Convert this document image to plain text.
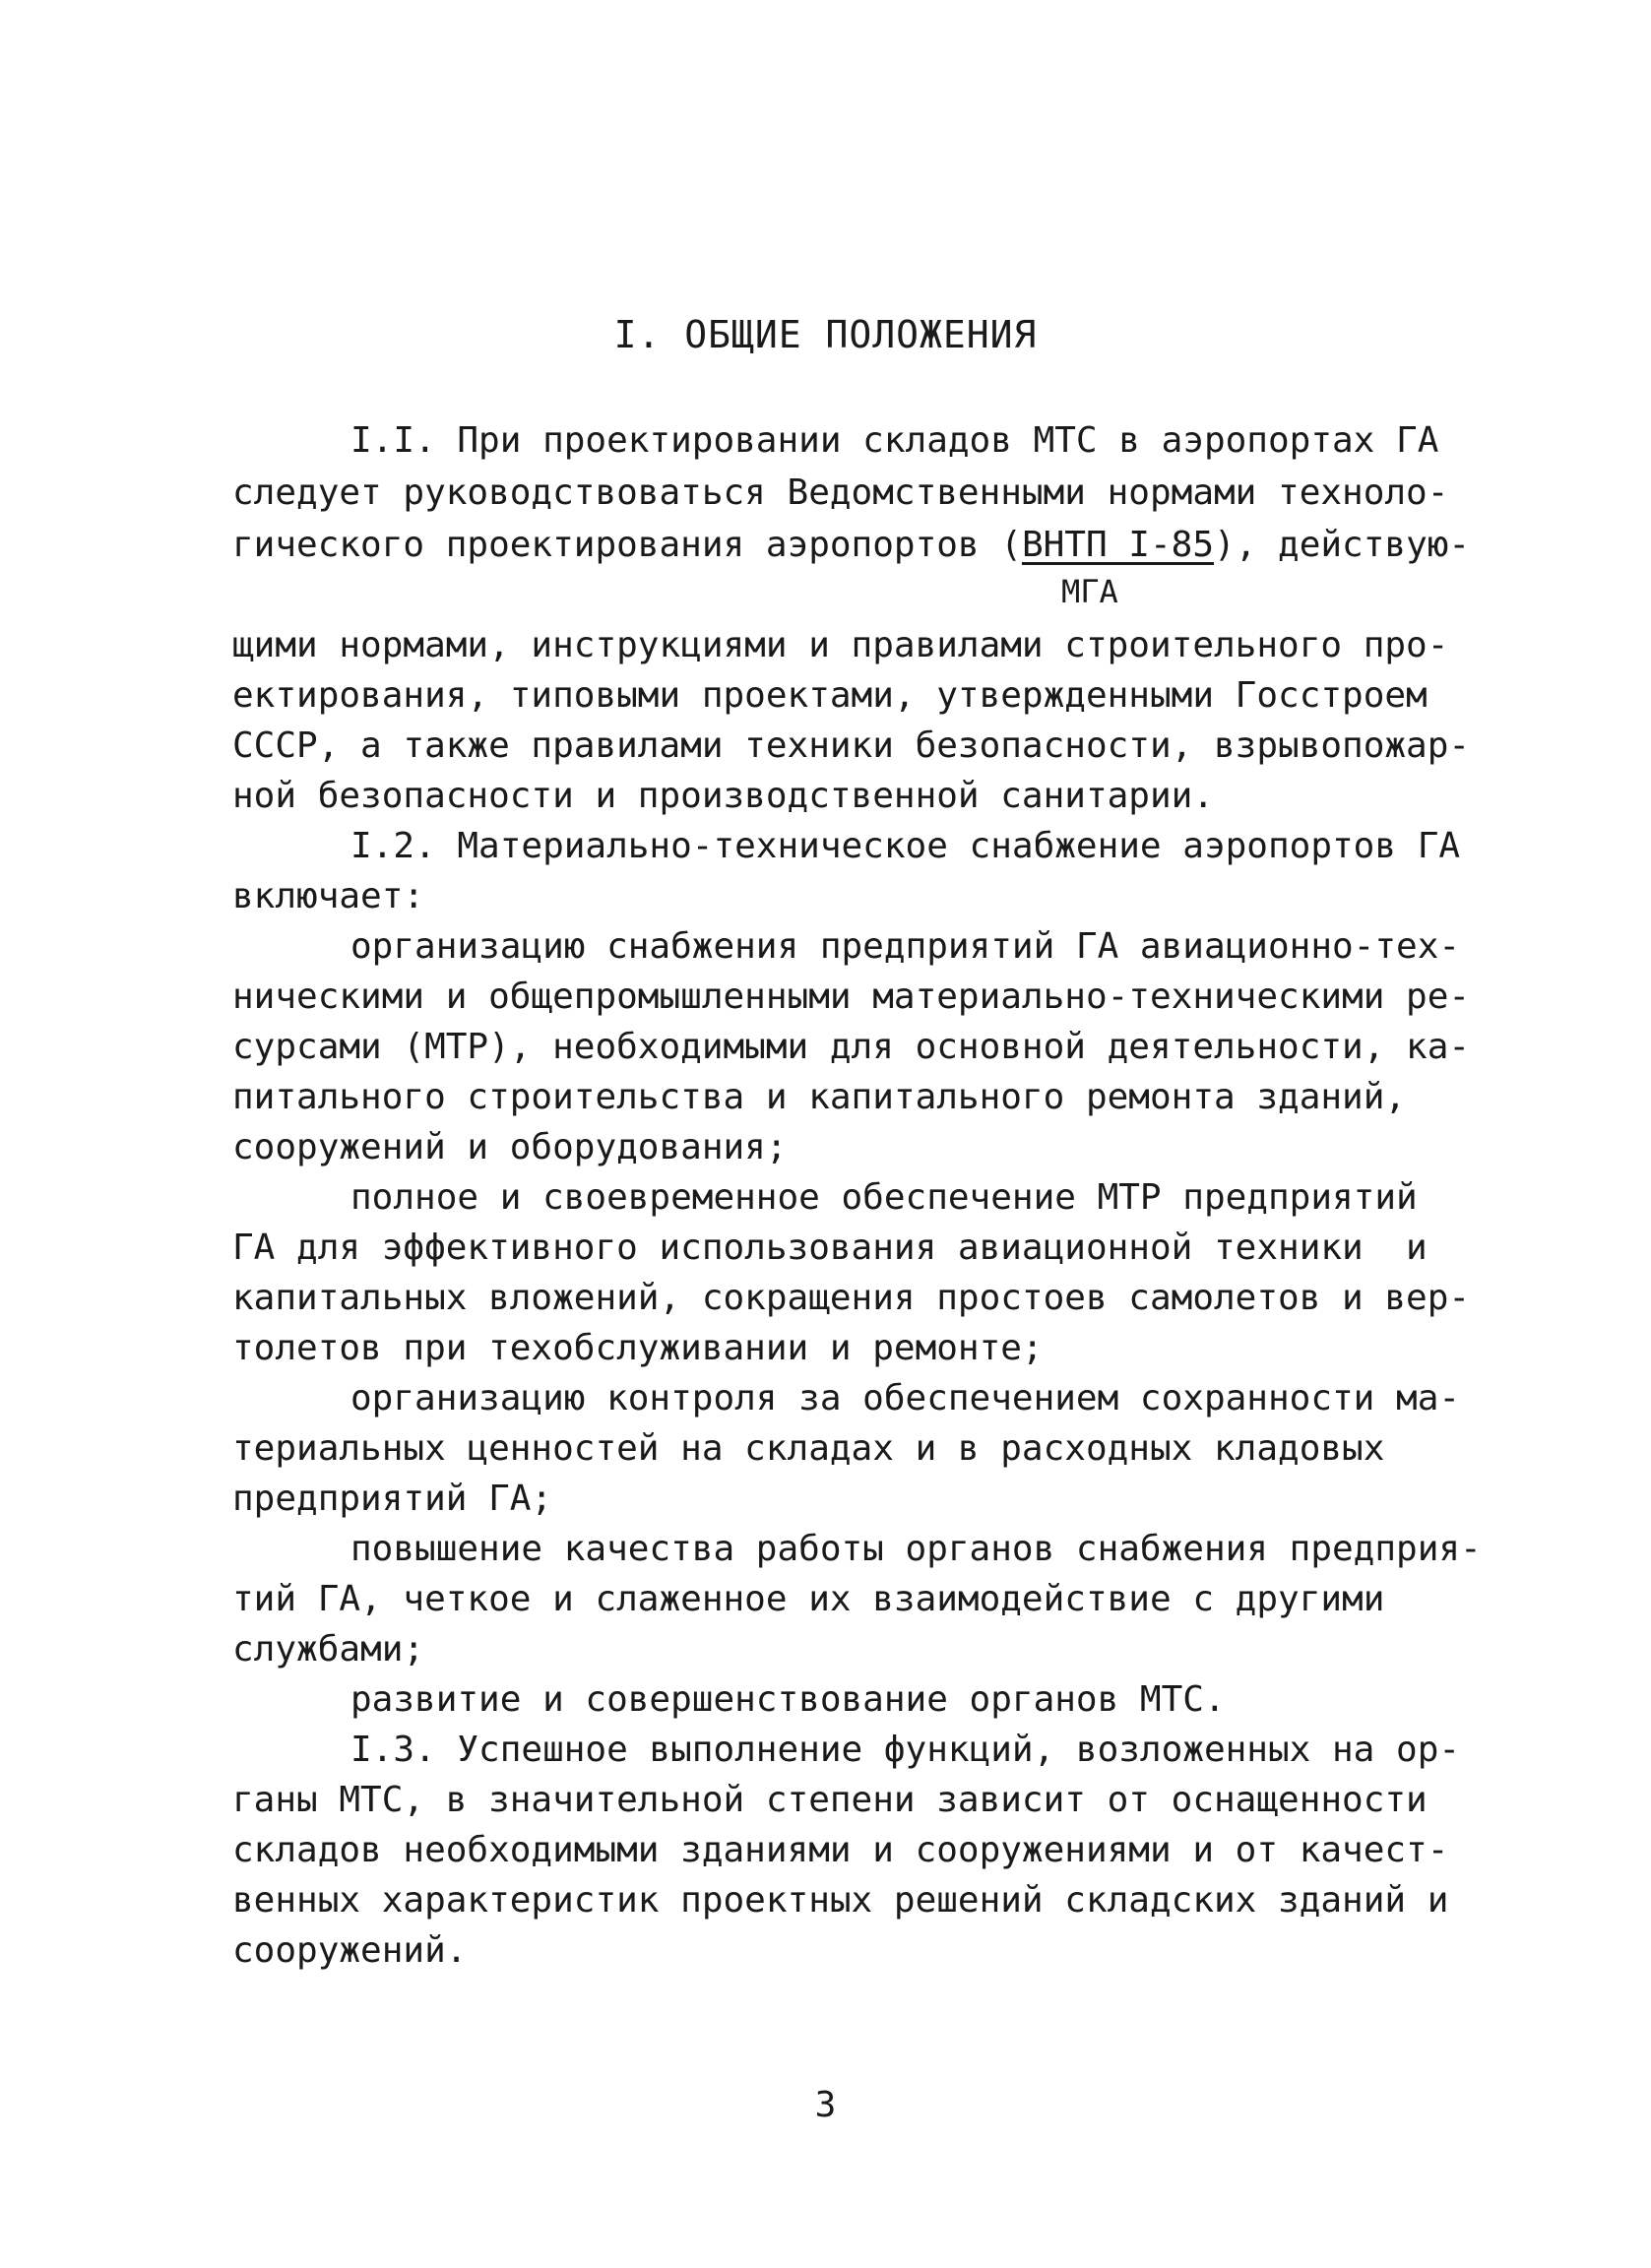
I. ОБЩИЕ ПОЛОЖЕНИЯ
I.I. При проектировании складов МТС в аэропортах ГА
следует руководствоваться Ведомственными нормами техноло-
гического проектирования аэропортов (ВНТП I-85), действую-
МГА
щими нормами, инструкциями и правилами строительного про-
ектирования, типовыми проектами, утвержденными Госстроем
СССР, а также правилами техники безопасности, взрывопожар-
ной безопасности и производственной санитарии.
I.2. Материально-техническое снабжение аэропортов ГА
включает:
организацию снабжения предприятий ГА авиационно-тех-
ническими и общепромышленными материально-техническими ре-
сурсами (МТР), необходимыми для основной деятельности, ка-
питального строительства и капитального ремонта зданий,
сооружений и оборудования;
полное и своевременное обеспечение МТР предприятий
ГА для эффективного использования авиационной техники  и
капитальных вложений, сокращения простоев самолетов и вер-
толетов при техобслуживании и ремонте;
организацию контроля за обеспечением сохранности ма-
териальных ценностей на складах и в расходных кладовых
предприятий ГА;
повышение качества работы органов снабжения предприя-
тий ГА, четкое и слаженное их взаимодействие с другими
службами;
развитие и совершенствование органов МТС.
I.3. Успешное выполнение функций, возложенных на ор-
ганы МТС, в значительной степени зависит от оснащенности
складов необходимыми зданиями и сооружениями и от качест-
венных характеристик проектных решений складских зданий и
сооружений.
3
